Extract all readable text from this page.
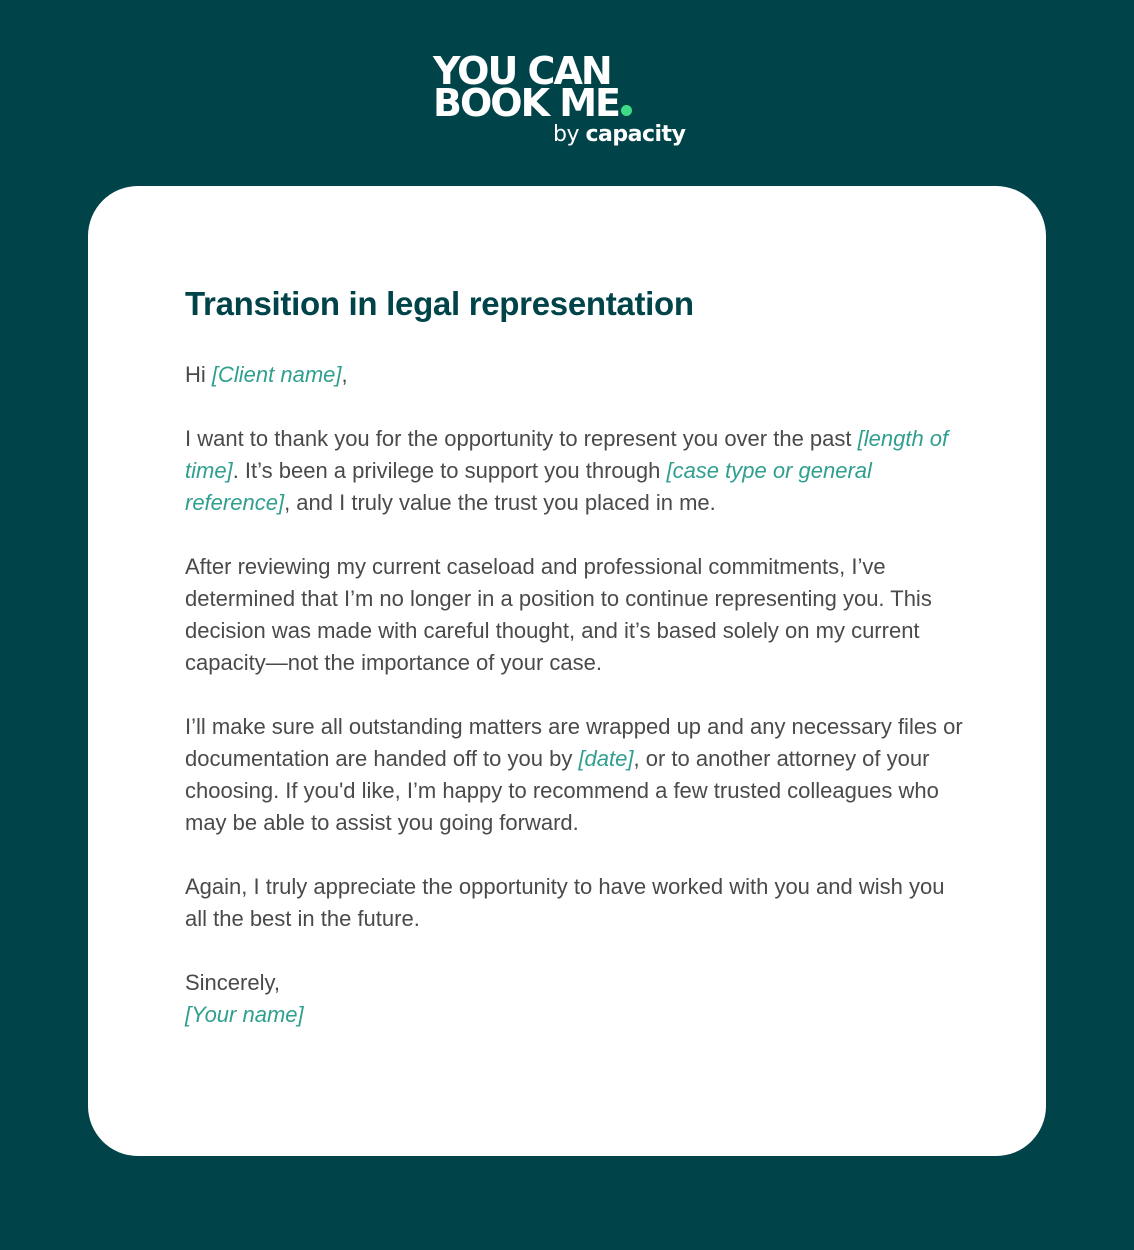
YOU CAN
BOOK ME
by capacity
Transition in legal representation

Hi [Client name],

I want to thank you for the opportunity to represent you over the past [length of time]. It’s been a privilege to support you through [case type or general reference], and I truly value the trust you placed in me.

After reviewing my current caseload and professional commitments, I’ve determined that I’m no longer in a position to continue representing you. This decision was made with careful thought, and it’s based solely on my current capacity—not the importance of your case.

I’ll make sure all outstanding matters are wrapped up and any necessary files or documentation are handed off to you by [date], or to another attorney of your choosing. If you'd like, I’m happy to recommend a few trusted colleagues who may be able to assist you going forward.

Again, I truly appreciate the opportunity to have worked with you and wish you all the best in the future.

Sincerely,
[Your name]
